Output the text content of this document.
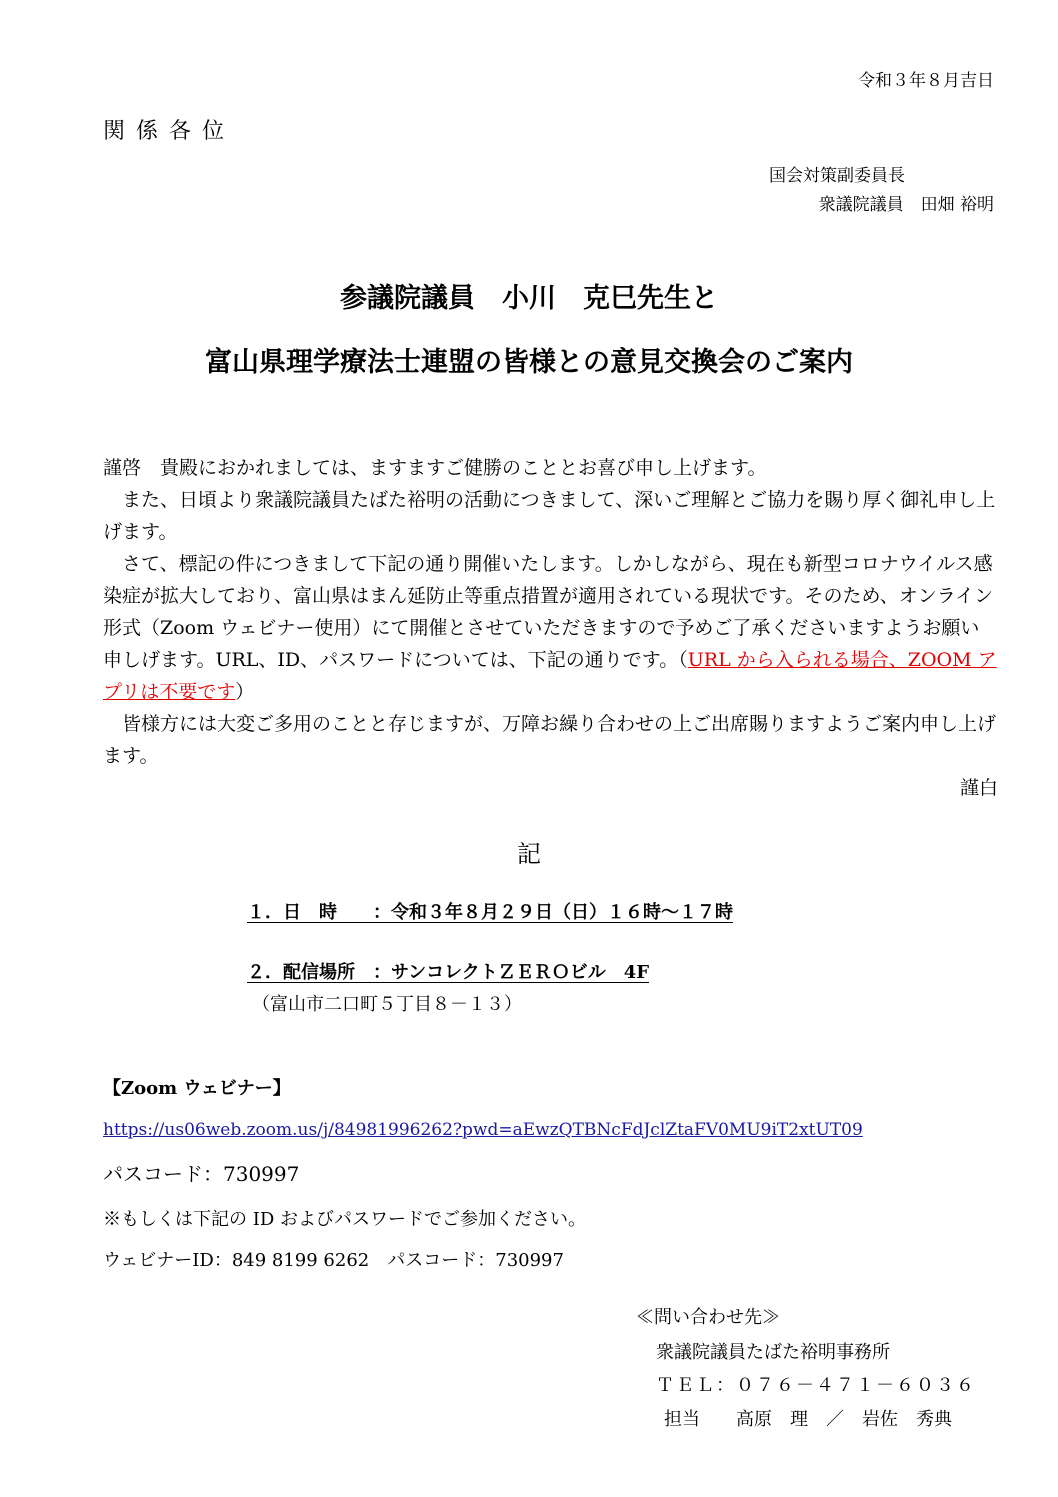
令和３年８月吉日
関 係 各 位
国会対策副委員長
衆議院議員　田畑 裕明
参議院議員　小川　克巳先生と
富山県理学療法士連盟の皆様との意見交換会のご案内

謹啓　貴殿におかれましては、ますますご健勝のこととお喜び申し上げます。

また、日頃より衆議院議員たばた裕明の活動につきまして、深いご理解とご協力を賜り厚く御礼申し上げます。

さて、標記の件につきまして下記の通り開催いたします。しかしながら、現在も新型コロナウイルス感染症が拡大しており、富山県はまん延防止等重点措置が適用されている現状です。そのため、オンライン形式（Zoom ウェビナー使用）にて開催とさせていただきますので予めご了承くださいますようお願い申しげます。URL、ID、パスワードについては、下記の通りです。（URL から入られる場合、ZOOM アプリは不要です）

皆様方には大変ご多用のことと存じますが、万障お繰り合わせの上ご出席賜りますようご案内申し上げます。

謹白

記
１．日　時　　：令和３年８月２９日（日）１６時〜１７時
２．配信場所　：サンコレクトＺＥＲＯビル　4F
（富山市二口町５丁目８－１３）
【Zoom ウェビナー】
https://us06web.zoom.us/j/84981996262?pwd=aEwzQTBNcFdJclZtaFV0MU9iT2xtUT09
パスコード：730997
※もしくは下記の ID およびパスワードでご参加ください。
ウェビナーID：849 8199 6262　パスコード：730997
≪問い合わせ先≫
衆議院議員たばた裕明事務所
ＴＥＬ：０７６－４７１－６０３６
担当　　高原　理　／　岩佐　秀典
